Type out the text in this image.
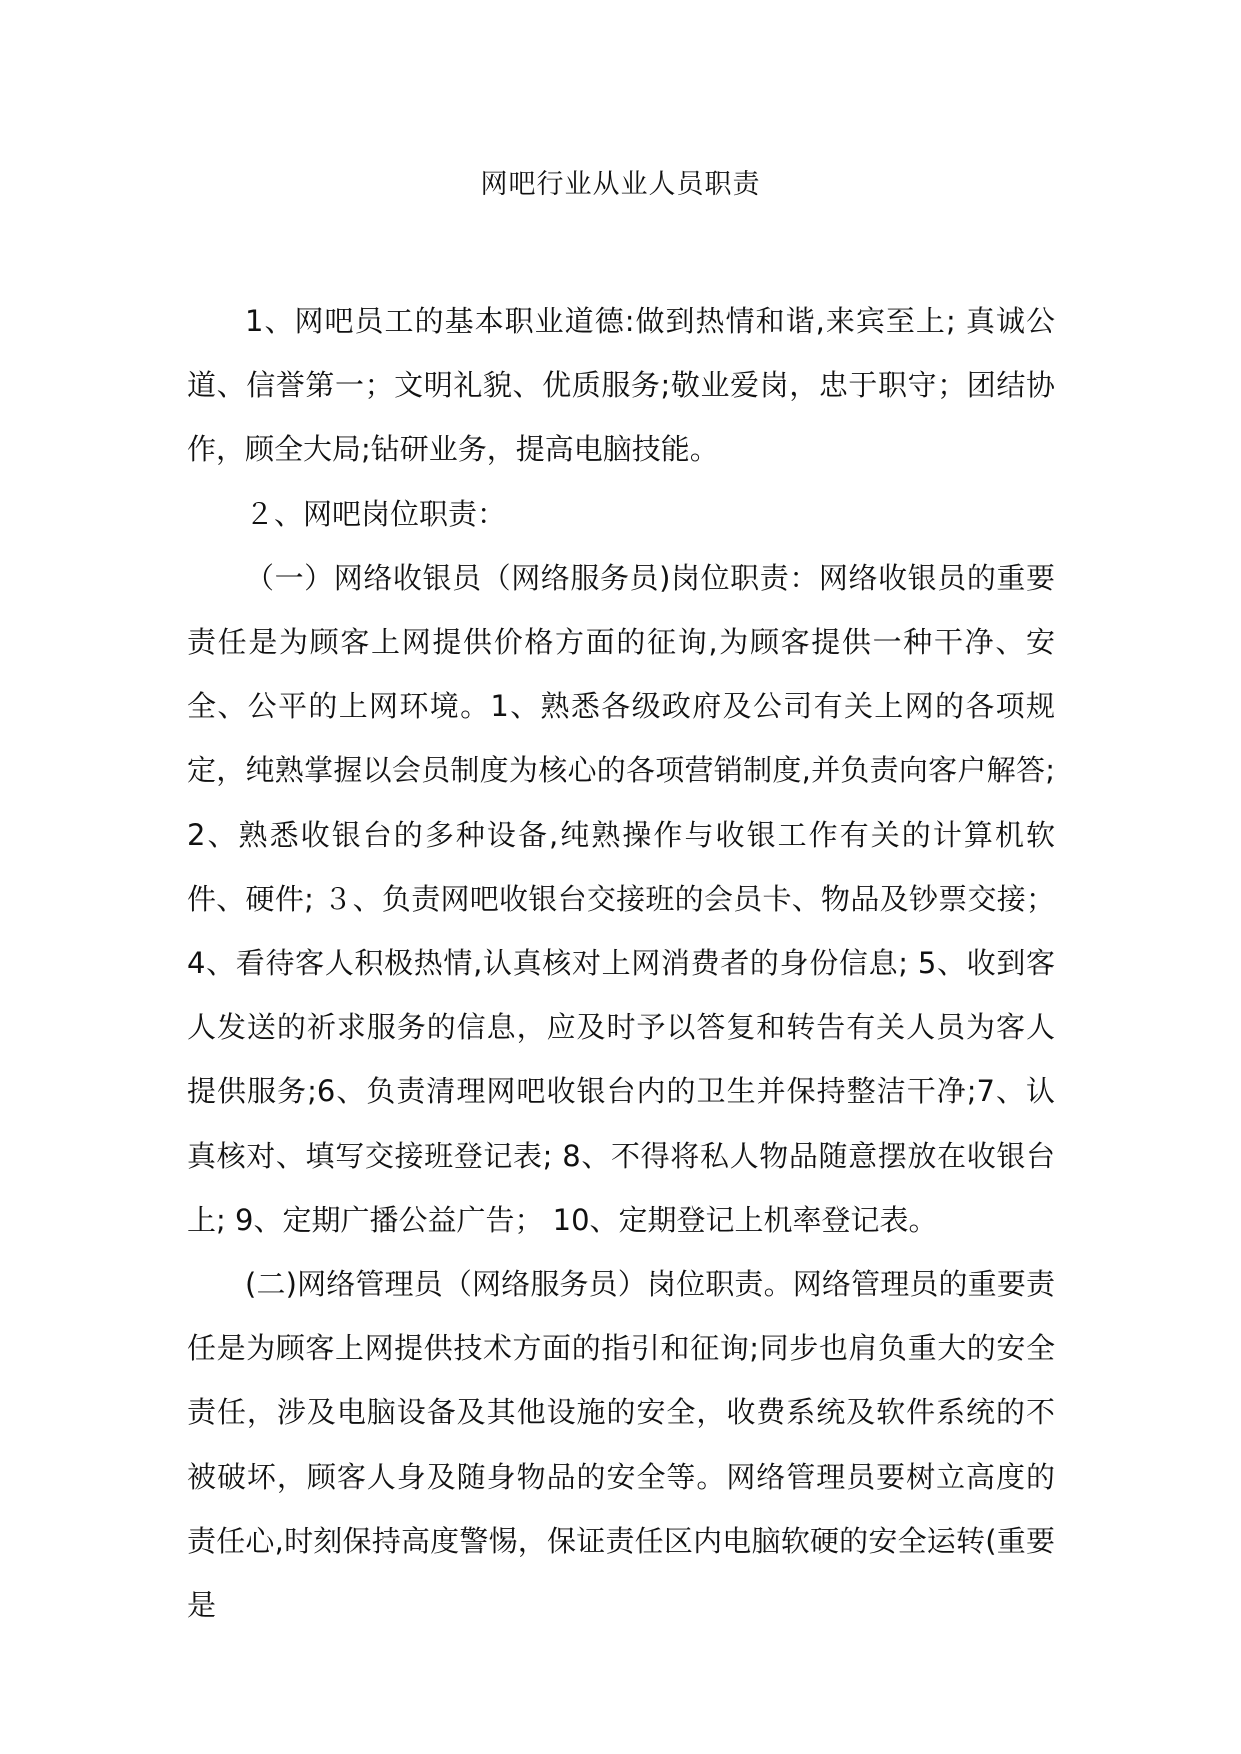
网吧行业从业人员职责

1、网吧员工的基本职业道德:做到热情和谐,来宾至上; 真诚公道、信誉第一；文明礼貌、优质服务;敬业爱岗，忠于职守；团结协作，顾全大局;钻研业务，提高电脑技能。

２、网吧岗位职责：

（一）网络收银员（网络服务员)岗位职责：网络收银员的重要责任是为顾客上网提供价格方面的征询,为顾客提供一种干净、安全、公平的上网环境。1、熟悉各级政府及公司有关上网的各项规定，纯熟掌握以会员制度为核心的各项营销制度,并负责向客户解答; 2、熟悉收银台的多种设备,纯熟操作与收银工作有关的计算机软件、硬件; ３、负责网吧收银台交接班的会员卡、物品及钞票交接；4、看待客人积极热情,认真核对上网消费者的身份信息; 5、收到客人发送的祈求服务的信息，应及时予以答复和转告有关人员为客人提供服务;6、负责清理网吧收银台内的卫生并保持整洁干净;7、认真核对、填写交接班登记表; 8、不得将私人物品随意摆放在收银台上; 9、定期广播公益广告； 10、定期登记上机率登记表。

(二)网络管理员（网络服务员）岗位职责。网络管理员的重要责任是为顾客上网提供技术方面的指引和征询;同步也肩负重大的安全责任，涉及电脑设备及其他设施的安全，收费系统及软件系统的不被破坏，顾客人身及随身物品的安全等。网络管理员要树立高度的责任心,时刻保持高度警惕，保证责任区内电脑软硬的安全运转(重要是
